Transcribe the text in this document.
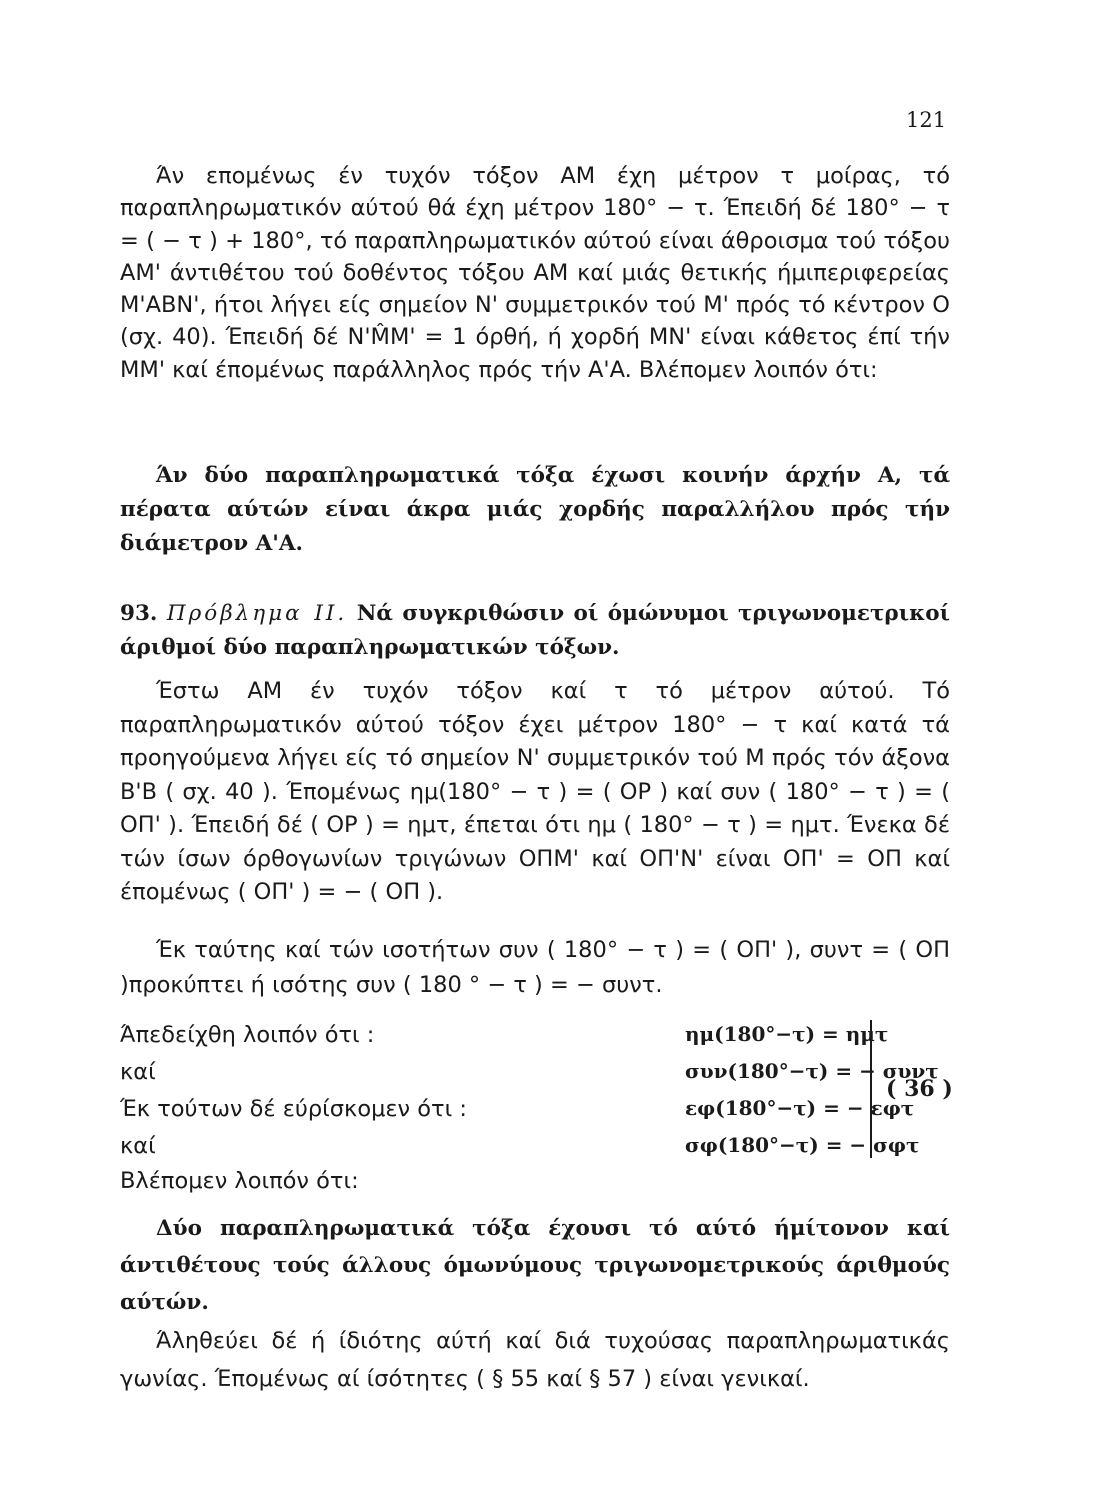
121

Άν επομένως έν τυχόν τόξον AM έχη μέτρον τ μοίρας, τό παραπληρωματικόν αύτού θά έχη μέτρον 180° − τ. Έπειδή δέ 180° − τ = ( − τ ) + 180°, τό παραπληρωματικόν αύτού είναι άθροισμα τού τόξου AM' άντιθέτου τού δοθέντος τόξου AM καί μιάς θετικής ήμιπεριφερείας M'ABN', ήτοι λήγει είς σημείον N' συμμετρικόν τού M' πρός τό κέντρον O (σχ. 40). Έπειδή δέ N'M̂M' = 1 όρθή, ή χορδή MN' είναι κάθετος έπί τήν MM' καί έπομένως παράλληλος πρός τήν A'A. Βλέπομεν λοιπόν ότι:

Άν δύο παραπληρωματικά τόξα έχωσι κοινήν άρχήν A, τά πέρατα αύτών είναι άκρα μιάς χορδής παραλλήλου πρός τήν διάμετρον A'A.

93. Πρόβλημα II. Νά συγκριθώσιν οί όμώνυμοι τριγωνομετρικοί άριθμοί δύο παραπληρωματικών τόξων.

Έστω AM έν τυχόν τόξον καί τ τό μέτρον αύτού. Τό παραπληρωματικόν αύτού τόξον έχει μέτρον 180° − τ καί κατά τά προηγούμενα λήγει είς τό σημείον N' συμμετρικόν τού M πρός τόν άξονα B'B ( σχ. 40 ). Έπομένως ημ(180° − τ ) = ( OP ) καί συν ( 180° − τ ) = ( OΠ' ). Έπειδή δέ ( OP ) = ημτ, έπεται ότι ημ ( 180° − τ ) = ημτ. Ένεκα δέ τών ίσων όρθογωνίων τριγώνων OΠM' καί OΠ'N' είναι OΠ' = OΠ καί έπομένως ( OΠ' ) = − ( OΠ ).

Έκ ταύτης καί τών ισοτήτων συν ( 180° − τ ) = ( OΠ' ), συντ = ( OΠ )προκύπτει ή ισότης συν ( 180 ° − τ ) = − συντ.

Άπεδείχθη λοιπόν ότι :	ημ(180°−τ) = ημτ
καί	συν(180°−τ) = − συντ
Έκ τούτων δέ εύρίσκομεν ότι :	εφ(180°−τ) = − εφτ
καί	σφ(180°−τ) = − σφτ
( 36 )
Βλέπομεν λοιπόν ότι:

Δύο παραπληρωματικά τόξα έχουσι τό αύτό ήμίτονον καί άντιθέτους τούς άλλους όμωνύμους τριγωνομετρικούς άριθμούς αύτών.

Άληθεύει δέ ή ίδιότης αύτή καί διά τυχούσας παραπληρωματικάς γωνίας. Έπομένως αί ίσότητες ( § 55 καί § 57 ) είναι γενικαί.
